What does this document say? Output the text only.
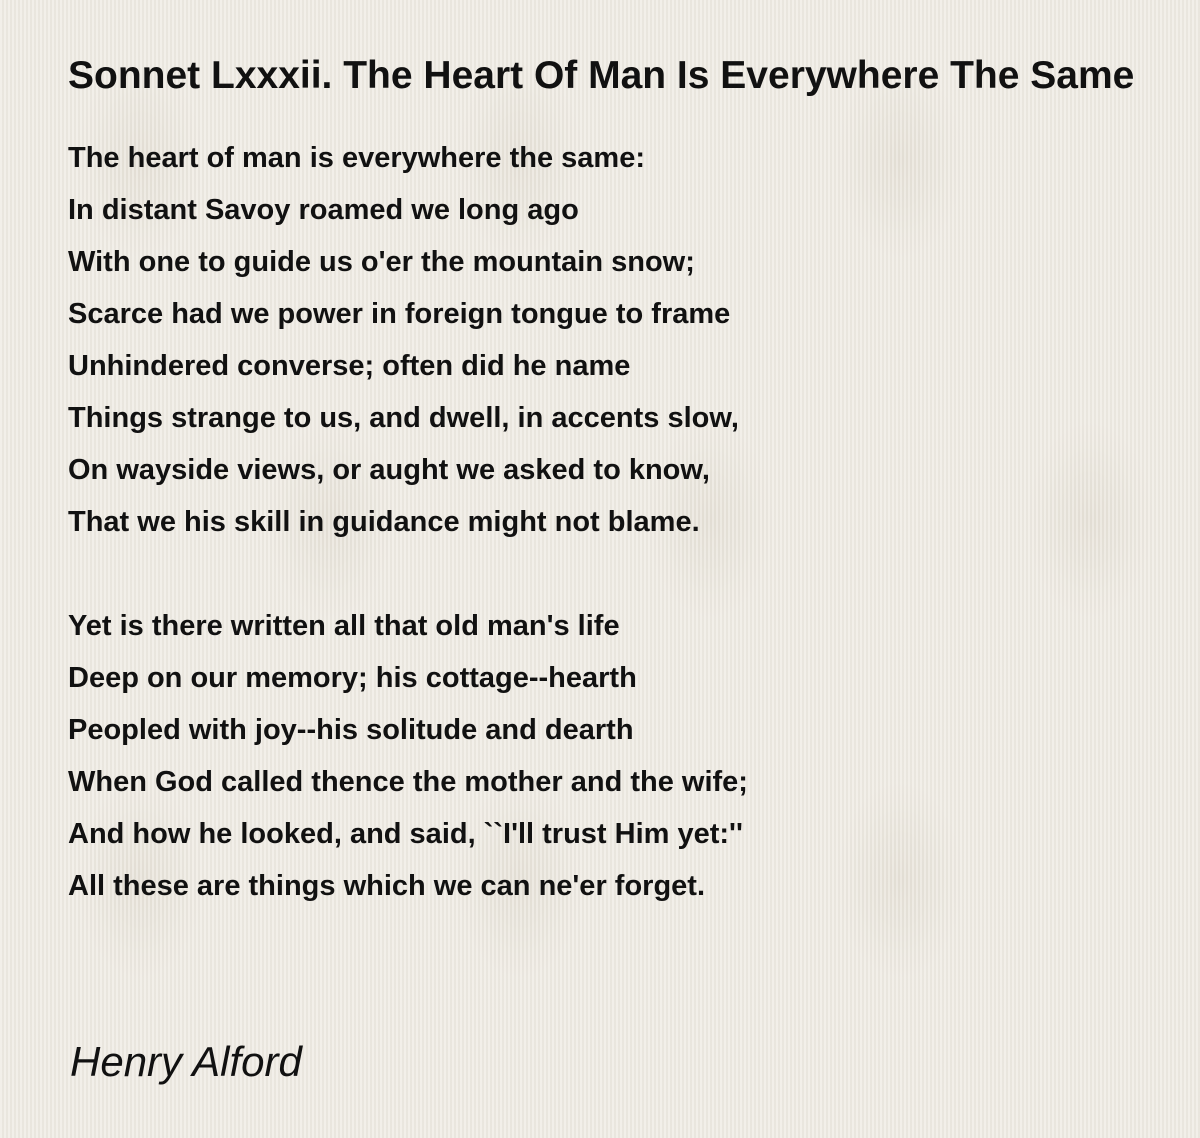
Sonnet Lxxxii. The Heart Of Man Is Everywhere The Same
The heart of man is everywhere the same:
In distant Savoy roamed we long ago
With one to guide us o'er the mountain snow;
Scarce had we power in foreign tongue to frame
Unhindered converse; often did he name
Things strange to us, and dwell, in accents slow,
On wayside views, or aught we asked to know,
That we his skill in guidance might not blame.
Yet is there written all that old man's life
Deep on our memory; his cottage--hearth
Peopled with joy--his solitude and dearth
When God called thence the mother and the wife;
And how he looked, and said, ``I'll trust Him yet:''
All these are things which we can ne'er forget.
Henry Alford
